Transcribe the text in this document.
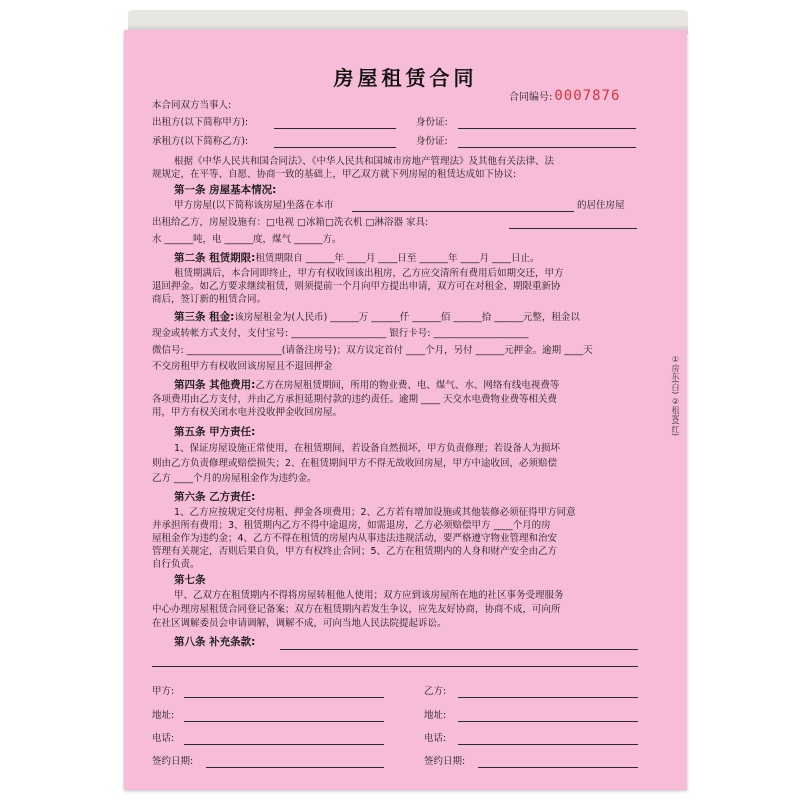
房屋租赁合同
合同编号: 0007876
本合同双方当事人:
出租方(以下简称甲方):	身份证:
承租方(以下简称乙方):	身份证:
根据《中华人民共和国合同法》、《中华人民共和国城市房地产管理法》及其他有关法律、法
规规定，在平等、自愿、协商一致的基础上，甲乙双方就下列房屋的租赁达成如下协议:
第一条 房屋基本情况:
甲方房屋(以下简称该房屋)坐落在本市	的居住房屋
出租给乙方，房屋设施有：□电视 □冰箱□洗衣机 □淋浴器 家具:
水 ______吨，电 ______度，煤气 ______方。
第二条 租赁期限:租赁期限自 ______年 ____月 ____日至 ______年 ____月 ____日止。
租赁期满后，本合同即终止，甲方有权收回该出租房，乙方应交清所有费用后如期交还，甲方
退回押金。如乙方要求继续租赁，则须提前一个月向甲方提出申请，双方可在对租金、期限重新协
商后，签订新的租赁合同。
第三条 租金:该房屋租金为(人民币) ______万 ______仟 ______佰 ______拾 ______元整，租金以
现金或转帐方式支付，支付宝号: ____________________ 银行卡号: ____________________
微信号: ____________________(请备注房号)；双方议定首付 ____个月，另付 ______元押金。逾期 ____天
不交房租甲方有权收回该房屋且不退回押金
第四条 其他费用:乙方在房屋租赁期间，所用的物业费、电、煤气、水、网络有线电视费等
各项费用由乙方支付，并由乙方承担延期付款的违约责任。逾期 ____ 天交水电费物业费等相关费
用，甲方有权关闭水电并没收押金收回房屋。
第五条 甲方责任:
1、保证房屋设施正常使用，在租赁期间，若设备自然损坏，甲方负责修理；若设备人为损坏
则由乙方负责修理或赔偿损失；2、在租赁期间甲方不得无故收回房屋，甲方中途收回，必须赔偿
乙方 ____个月的房屋租金作为违约金。
第六条 乙方责任:
1、乙方应按规定交付房租、押金各项费用；2、乙方若有增加设施或其他装修必须征得甲方同意
并承担所有费用；3、租赁期内乙方不得中途退房，如需退房，乙方必须赔偿甲方 ____个月的房
屋租金作为违约金；4、乙方不得在租赁的房屋内从事违法违规活动，要严格遵守物业管理和治安
管理有关规定，否则后果自负，甲方有权终止合同；5、乙方在租赁期内的人身和财产安全由乙方
自行负责。
第七条
甲、乙双方在租赁期内不得将房屋转租他人使用；双方应到该房屋所在地的社区事务受理服务
中心办理房屋租赁合同登记备案；双方在租赁期内若发生争议，应先友好协商，协商不成，可向所
在社区调解委员会申请调解，调解不成，可向当地人民法院提起诉讼。
第八条 补充条款:
甲方:	乙方:
地址:	地址:
电话:	电话:
签约日期:	签约日期:
①房东(白) ②租客(红)
